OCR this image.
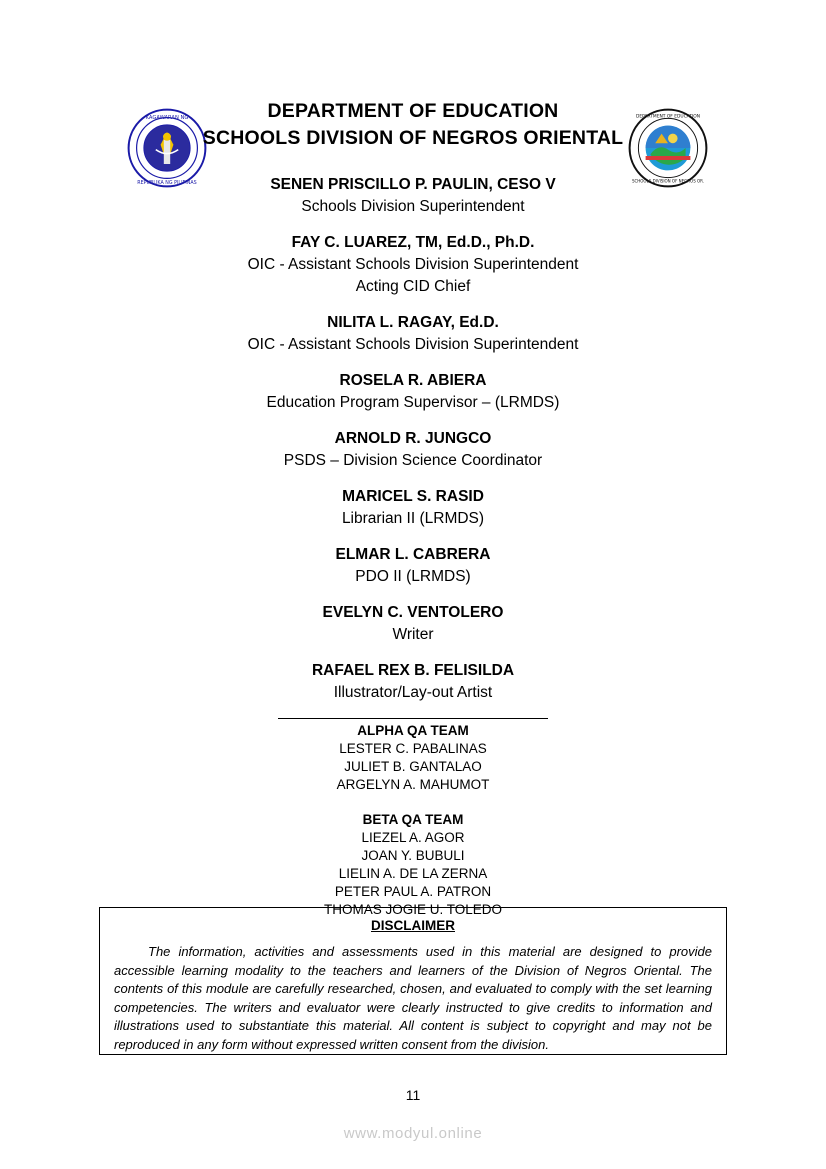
KAGAWARAN NG
REPUBLIKA NG PILIPINAS
DEPARTMENT OF EDUCATION
SCHOOLS DIVISION OF NEGROS OR.
DEPARTMENT OF EDUCATION
SCHOOLS DIVISION OF NEGROS ORIENTAL
SENEN PRISCILLO P. PAULIN, CESO V
Schools Division Superintendent
FAY C. LUAREZ, TM, Ed.D., Ph.D.
OIC - Assistant Schools Division Superintendent
Acting CID Chief
NILITA L. RAGAY, Ed.D.
OIC - Assistant Schools Division Superintendent
ROSELA R. ABIERA
Education Program Supervisor – (LRMDS)
ARNOLD R. JUNGCO
PSDS – Division Science Coordinator
MARICEL S. RASID
Librarian II (LRMDS)
ELMAR L. CABRERA
PDO II (LRMDS)
EVELYN C. VENTOLERO
Writer
RAFAEL REX B. FELISILDA
Illustrator/Lay-out Artist
ALPHA QA TEAM
LESTER C. PABALINAS
JULIET B. GANTALAO
ARGELYN A. MAHUMOT
BETA QA TEAM
LIEZEL A. AGOR
JOAN Y. BUBULI
LIELIN A. DE LA ZERNA
PETER PAUL A. PATRON
THOMAS JOGIE U. TOLEDO
DISCLAIMER
The information, activities and assessments used in this material are designed to provide accessible learning modality to the teachers and learners of the Division of Negros Oriental. The contents of this module are carefully researched, chosen, and evaluated to comply with the set learning competencies. The writers and evaluator were clearly instructed to give credits to information and illustrations used to substantiate this material. All content is subject to copyright and may not be reproduced in any form without expressed written consent from the division.
11
www.modyul.online
